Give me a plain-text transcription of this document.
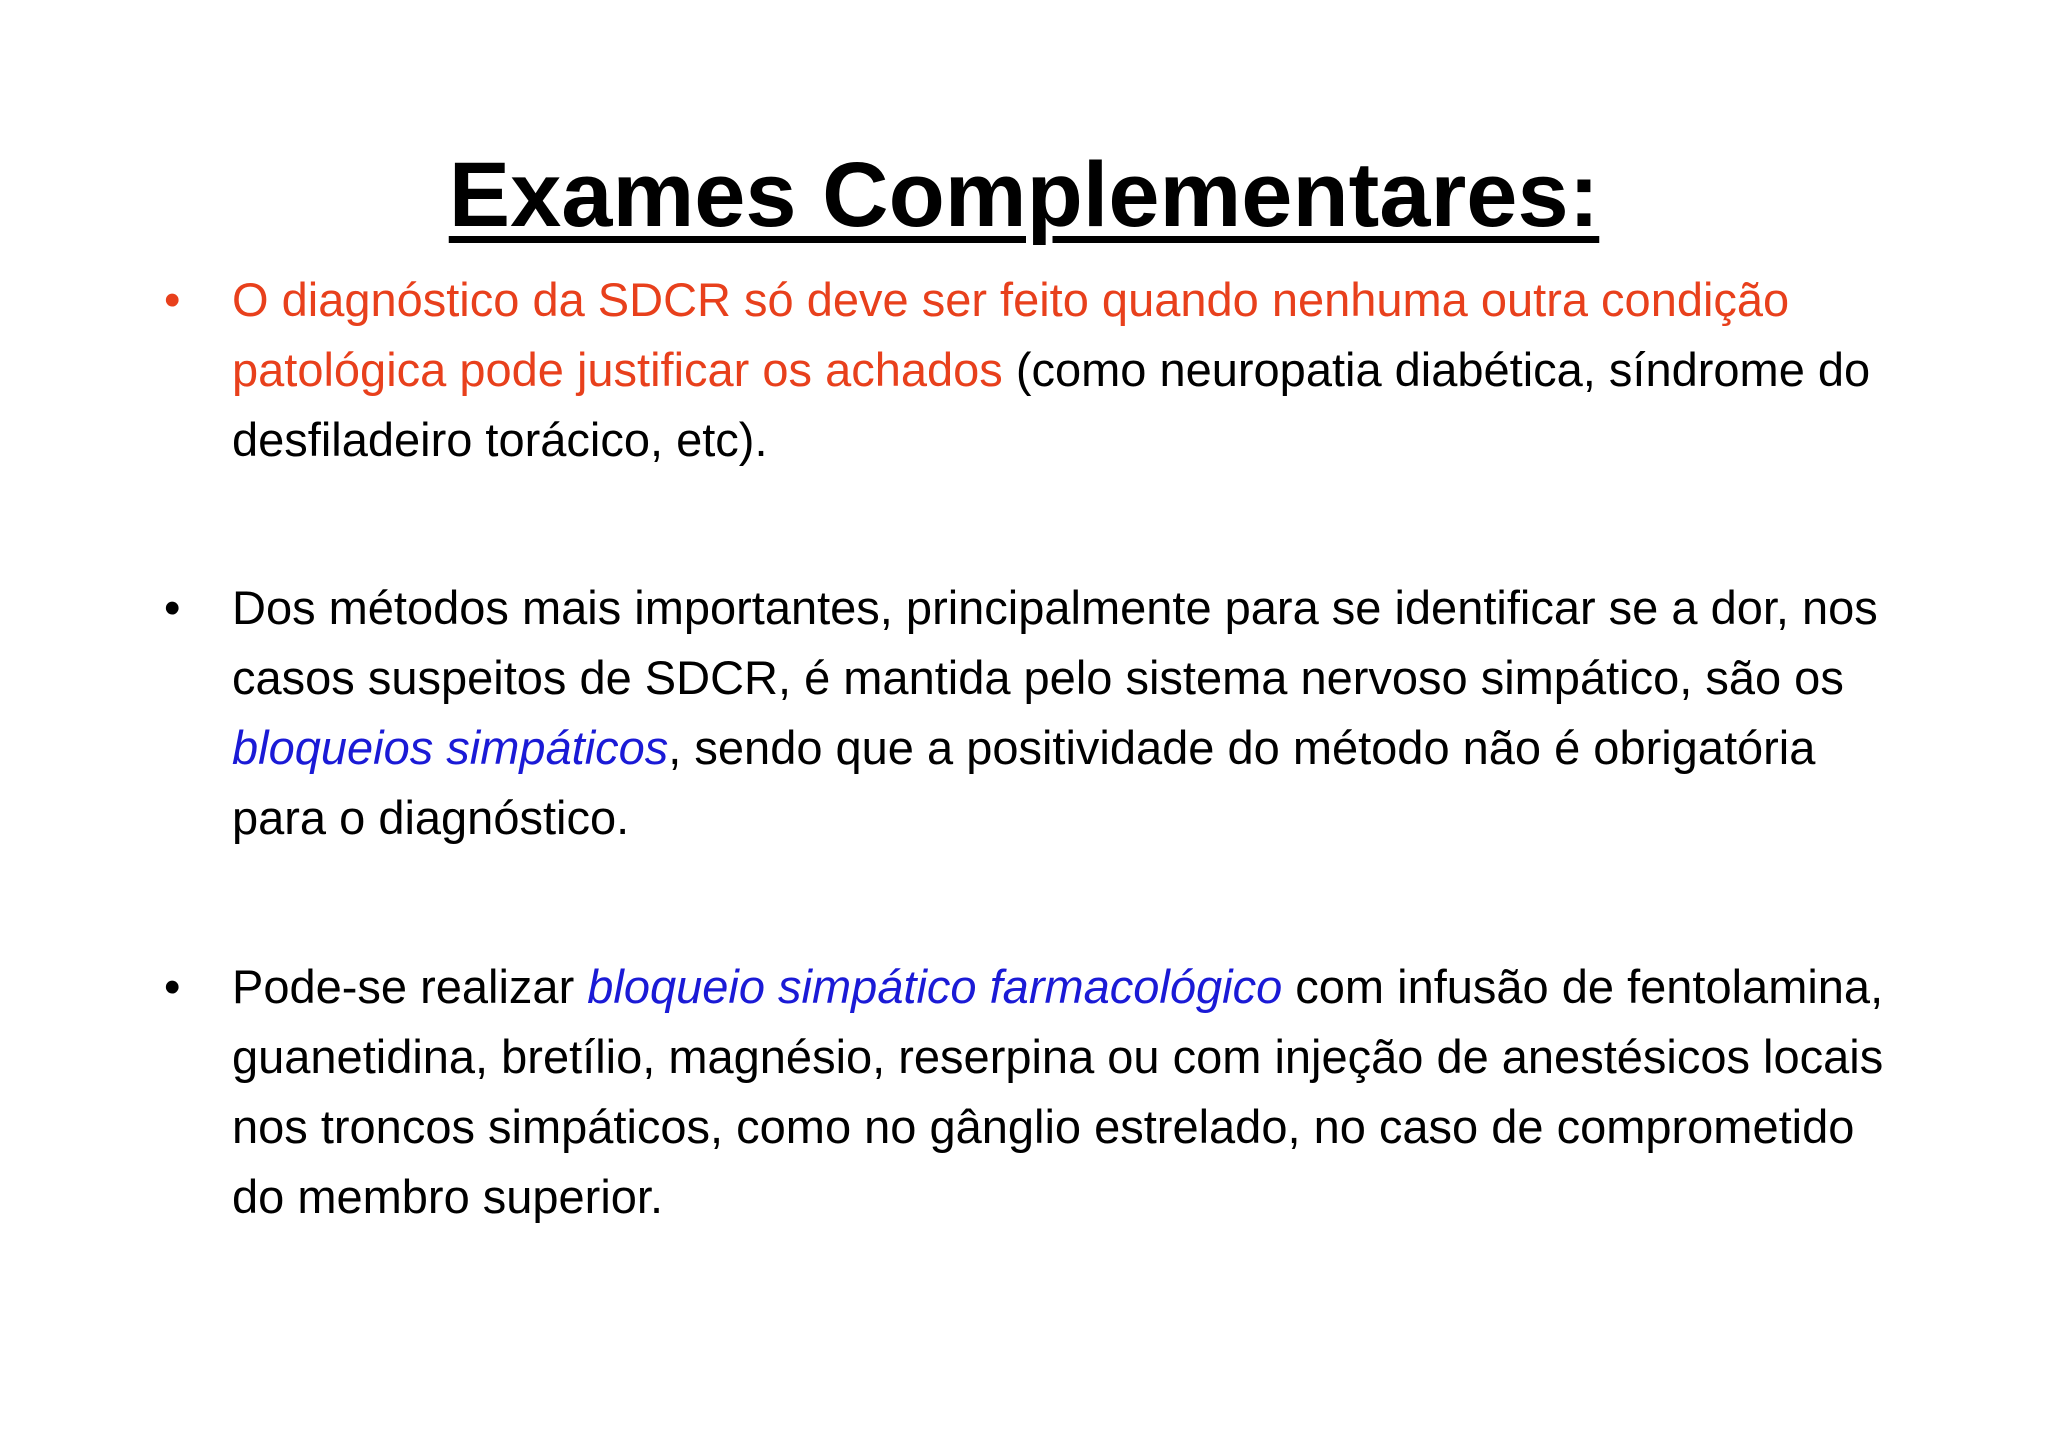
Exames Complementares:
• O diagnóstico da SDCR só deve ser feito quando nenhuma outra condição patológica pode justificar os achados (como neuropatia diabética, síndrome do desfiladeiro torácico, etc).
• Dos métodos mais importantes, principalmente para se identificar se a dor, nos casos suspeitos de SDCR, é mantida pelo sistema nervoso simpático, são os bloqueios simpáticos, sendo que a positividade do método não é obrigatória para o diagnóstico.
• Pode-se realizar bloqueio simpático farmacológico com infusão de fentolamina, guanetidina, bretílio, magnésio, reserpina ou com injeção de anestésicos locais nos troncos simpáticos, como no gânglio estrelado, no caso de comprometido do membro superior.
